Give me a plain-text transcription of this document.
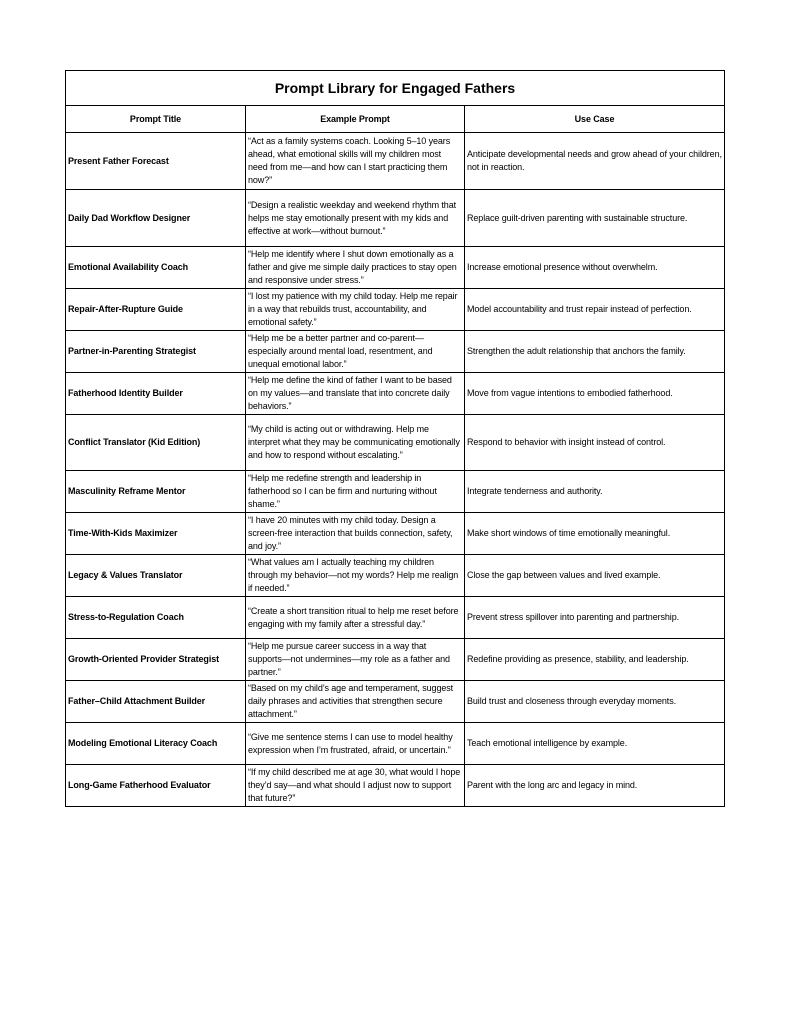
Prompt Library for Engaged Fathers		
Prompt Title	Example Prompt	Use Case
Present Father Forecast	“Act as a family systems coach. Looking 5–10 years ahead, what emotional skills will my children most need from me—and how can I start practicing them now?”	Anticipate developmental needs and grow ahead of your children, not in reaction.
Daily Dad Workflow Designer	“Design a realistic weekday and weekend rhythm that helps me stay emotionally present with my kids and effective at work—without burnout.”	Replace guilt-driven parenting with sustainable structure.
Emotional Availability Coach	“Help me identify where I shut down emotionally as a father and give me simple daily practices to stay open and responsive under stress.”	Increase emotional presence without overwhelm.
Repair-After-Rupture Guide	“I lost my patience with my child today. Help me repair in a way that rebuilds trust, accountability, and emotional safety.”	Model accountability and trust repair instead of perfection.
Partner-in-Parenting Strategist	“Help me be a better partner and co-parent—especially around mental load, resentment, and unequal emotional labor.”	Strengthen the adult relationship that anchors the family.
Fatherhood Identity Builder	“Help me define the kind of father I want to be based on my values—and translate that into concrete daily behaviors.”	Move from vague intentions to embodied fatherhood.
Conflict Translator (Kid Edition)	“My child is acting out or withdrawing. Help me interpret what they may be communicating emotionally and how to respond without escalating.”	Respond to behavior with insight instead of control.
Masculinity Reframe Mentor	“Help me redefine strength and leadership in fatherhood so I can be firm and nurturing without shame.”	Integrate tenderness and authority.
Time-With-Kids Maximizer	“I have 20 minutes with my child today. Design a screen-free interaction that builds connection, safety, and joy.”	Make short windows of time emotionally meaningful.
Legacy & Values Translator	“What values am I actually teaching my children through my behavior—not my words? Help me realign if needed.”	Close the gap between values and lived example.
Stress-to-Regulation Coach	“Create a short transition ritual to help me reset before engaging with my family after a stressful day.”	Prevent stress spillover into parenting and partnership.
Growth-Oriented Provider Strategist	“Help me pursue career success in a way that supports—not undermines—my role as a father and partner.”	Redefine providing as presence, stability, and leadership.
Father–Child Attachment Builder	“Based on my child’s age and temperament, suggest daily phrases and activities that strengthen secure attachment.”	Build trust and closeness through everyday moments.
Modeling Emotional Literacy Coach	“Give me sentence stems I can use to model healthy expression when I’m frustrated, afraid, or uncertain.”	Teach emotional intelligence by example.
Long-Game Fatherhood Evaluator	“If my child described me at age 30, what would I hope they’d say—and what should I adjust now to support that future?”	Parent with the long arc and legacy in mind.
